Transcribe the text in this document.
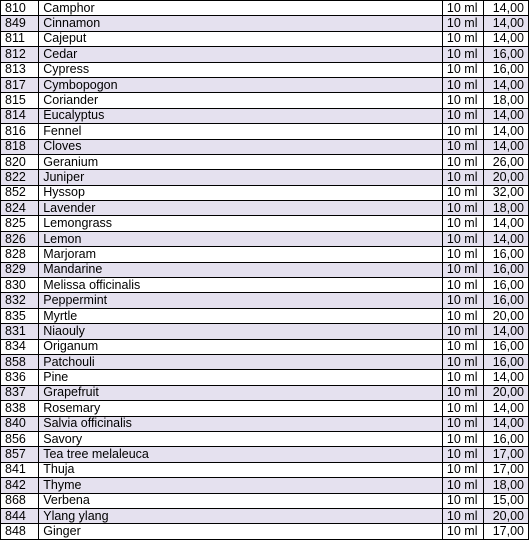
810	Camphor	10 ml	14,00
849	Cinnamon	10 ml	14,00
811	Cajeput	10 ml	14,00
812	Cedar	10 ml	16,00
813	Cypress	10 ml	16,00
817	Cymbopogon	10 ml	14,00
815	Coriander	10 ml	18,00
814	Eucalyptus	10 ml	14,00
816	Fennel	10 ml	14,00
818	Cloves	10 ml	14,00
820	Geranium	10 ml	26,00
822	Juniper	10 ml	20,00
852	Hyssop	10 ml	32,00
824	Lavender	10 ml	18,00
825	Lemongrass	10 ml	14,00
826	Lemon	10 ml	14,00
828	Marjoram	10 ml	16,00
829	Mandarine	10 ml	16,00
830	Melissa officinalis	10 ml	16,00
832	Peppermint	10 ml	16,00
835	Myrtle	10 ml	20,00
831	Niaouly	10 ml	14,00
834	Origanum	10 ml	16,00
858	Patchouli	10 ml	16,00
836	Pine	10 ml	14,00
837	Grapefruit	10 ml	20,00
838	Rosemary	10 ml	14,00
840	Salvia officinalis	10 ml	14,00
856	Savory	10 ml	16,00
857	Tea tree melaleuca	10 ml	17,00
841	Thuja	10 ml	17,00
842	Thyme	10 ml	18,00
868	Verbena	10 ml	15,00
844	Ylang ylang	10 ml	20,00
848	Ginger	10 ml	17,00
